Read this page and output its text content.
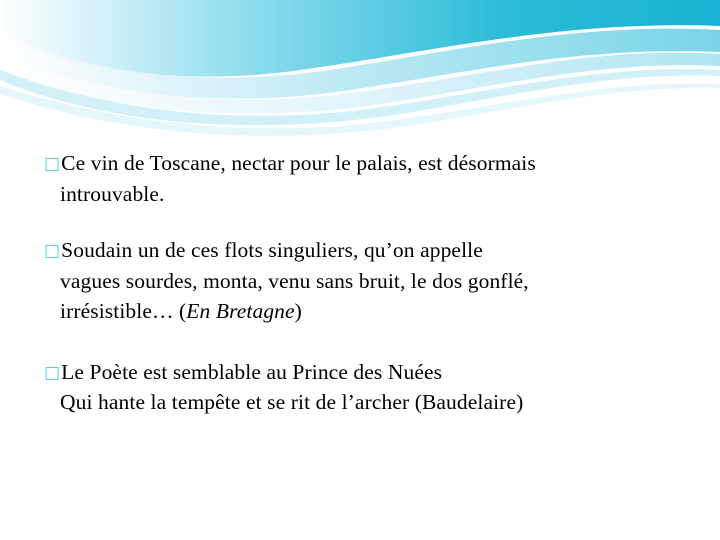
□Ce vin de Toscane, nectar pour le palais, est désormais

introuvable.

□Soudain un de ces flots singuliers, qu’on appelle

vagues sourdes, monta, venu sans bruit, le dos gonflé,

irrésistible… (En Bretagne)

□Le Poète est semblable au Prince des Nuées

Qui hante la tempête et se rit de l’archer (Baudelaire)
